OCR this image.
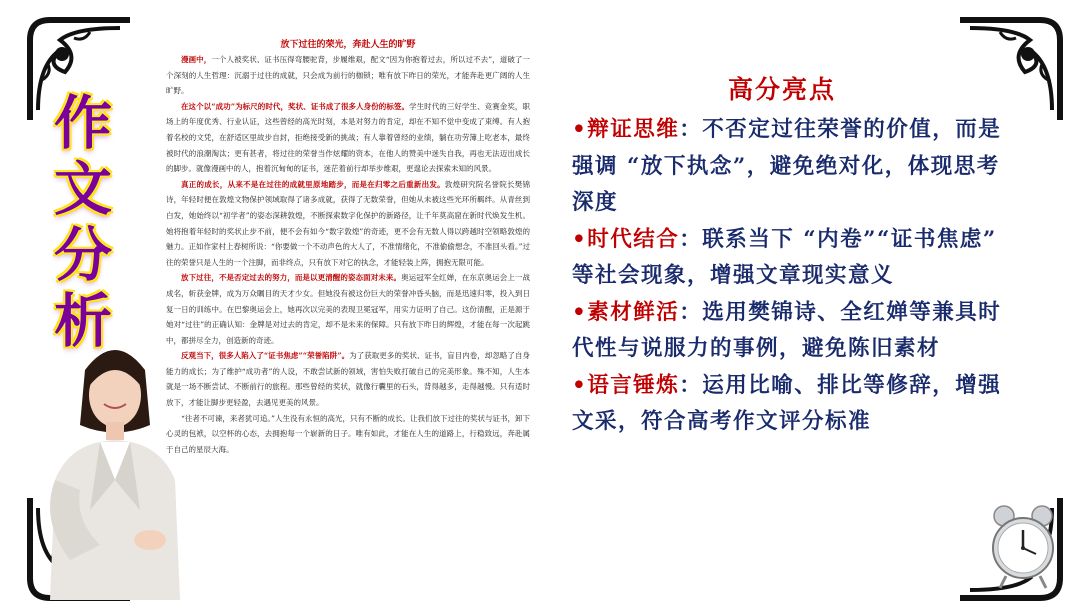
作
文
分
析
放下过往的荣光，奔赴人生的旷野

漫画中，一个人被奖状、证书压得弯腰驼背，步履维艰，配文“因为你抱着过去，所以过不去”，道破了一个深刻的人生哲理：沉溺于过往的成就，只会成为前行的枷锁；唯有放下昨日的荣光，才能奔赴更广阔的人生旷野。

在这个以“成功”为标尺的时代，奖状、证书成了很多人身份的标签。学生时代的三好学生、竞赛金奖，职场上的年度优秀、行业认证，这些曾经的高光时刻，本是对努力的肯定，却在不知不觉中变成了束缚。有人抱着名校的文凭，在舒适区里故步自封，拒绝接受新的挑战；有人靠着曾经的业绩，躺在功劳簿上吃老本，最终被时代的浪潮淘汰；更有甚者，将过往的荣誉当作炫耀的资本，在他人的赞美中迷失自我，再也无法迈出成长的脚步。就像漫画中的人，抱着沉甸甸的证书，迷茫着前行却举步维艰，更遑论去探索未知的风景。

真正的成长，从来不是在过往的成就里原地踏步，而是在归零之后重新出发。敦煌研究院名誉院长樊锦诗，年轻时便在敦煌文物保护领域取得了诸多成就，获得了无数荣誉，但她从未被这些光环所羁绊。从青丝到白发，她始终以“初学者”的姿态深耕敦煌，不断探索数字化保护的新路径，让千年莫高窟在新时代焕发生机。她将抱着年轻时的奖状止步不前，便不会有如今“数字敦煌”的奇迹，更不会有无数人得以跨越时空领略敦煌的魅力。正如作家村上春树所说：“你要做一个不动声色的大人了，不准情绪化，不准偷偷想念，不准回头看。”过往的荣誉只是人生的一个注脚，而非终点，只有放下对它的执念，才能轻装上阵，拥抱无限可能。

放下过往，不是否定过去的努力，而是以更清醒的姿态面对未来。奥运冠军全红婵，在东京奥运会上一战成名，斩获金牌，成为万众瞩目的天才少女。但她没有被这份巨大的荣誉冲昏头脑，而是迅速归零，投入到日复一日的训练中。在巴黎奥运会上，她再次以完美的表现卫冕冠军，用实力证明了自己。这份清醒，正是源于她对“过往”的正确认知：金牌是对过去的肯定，却不是未来的保障。只有放下昨日的辉煌，才能在每一次起跳中，都拼尽全力，创造新的奇迹。

反观当下，很多人陷入了“证书焦虑”“荣誉陷阱”。为了获取更多的奖状、证书，盲目内卷，却忽略了自身能力的成长；为了维护“成功者”的人设，不敢尝试新的领域，害怕失败打破自己的完美形象。殊不知，人生本就是一场不断尝试、不断前行的旅程。那些曾经的奖状，就像行囊里的石头，背得越多，走得越慢。只有适时放下，才能让脚步更轻盈，去遇见更美的风景。

“往者不可谏，来者犹可追。”人生没有永恒的高光，只有不断的成长。让我们放下过往的奖状与证书，卸下心灵的包袱，以空杯的心态，去拥抱每一个崭新的日子。唯有如此，才能在人生的道路上，行稳致远，奔赴属于自己的星辰大海。

高分亮点
•辩证思维：不否定过往荣誉的价值，而是强调 “放下执念”，避免绝对化，体现思考深度
•时代结合：联系当下 “内卷”“证书焦虑” 等社会现象，增强文章现实意义
•素材鲜活：选用樊锦诗、全红婵等兼具时代性与说服力的事例，避免陈旧素材
•语言锤炼：运用比喻、排比等修辞，增强文采，符合高考作文评分标准
